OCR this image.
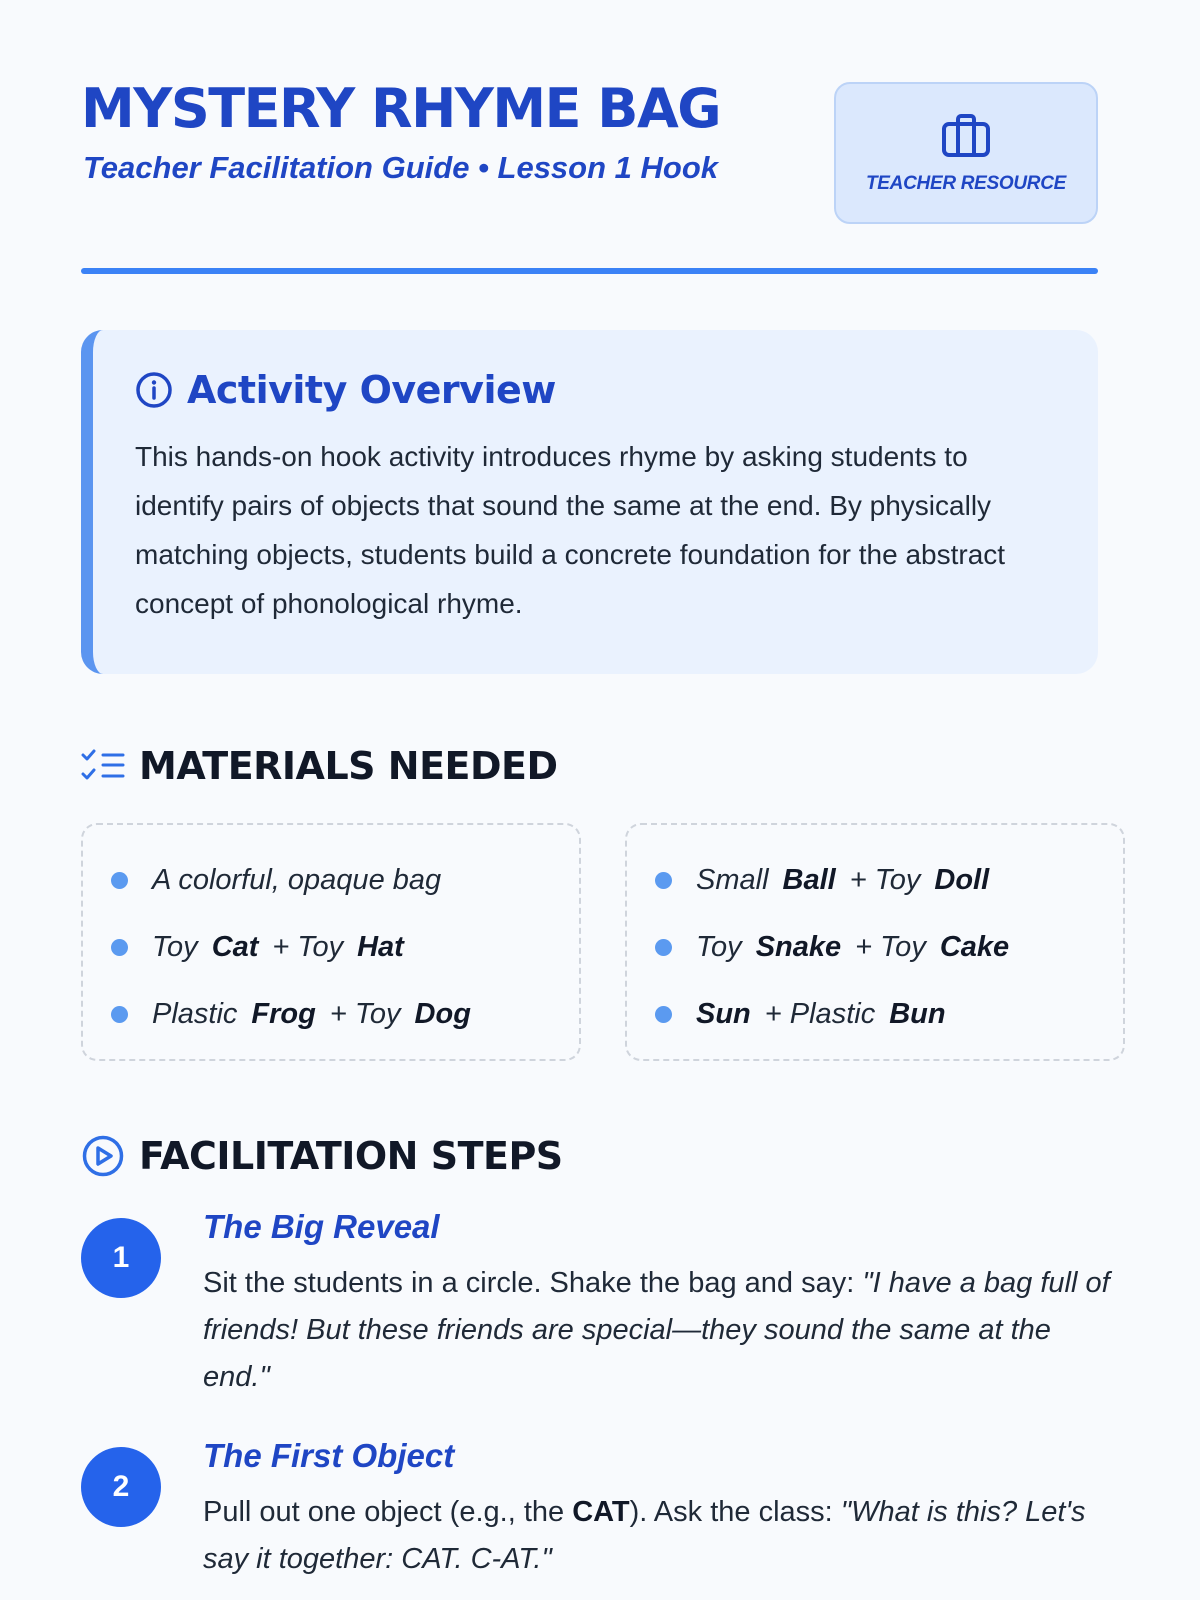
MYSTERY RHYME BAG

Teacher Facilitation Guide • Lesson 1 Hook	TEACHER RESOURCE
Activity Overview

This hands-on hook activity introduces rhyme by asking students to identify pairs of objects that sound the same at the end. By physically matching objects, students build a concrete foundation for the abstract concept of phonological rhyme.

MATERIALS NEEDED
A colorful, opaque bag
Toy Cat + Toy Hat
Plastic Frog + Toy Dog
Small Ball + Toy Doll
Toy Snake + Toy Cake
Sun + Plastic Bun
FACILITATION STEPS
1
The Big Reveal

Sit the students in a circle. Shake the bag and say: "I have a bag full of friends! But these friends are special—they sound the same at the end."

2
The First Object

Pull out one object (e.g., the CAT). Ask the class: "What is this? Let's say it together: CAT. C-AT."
